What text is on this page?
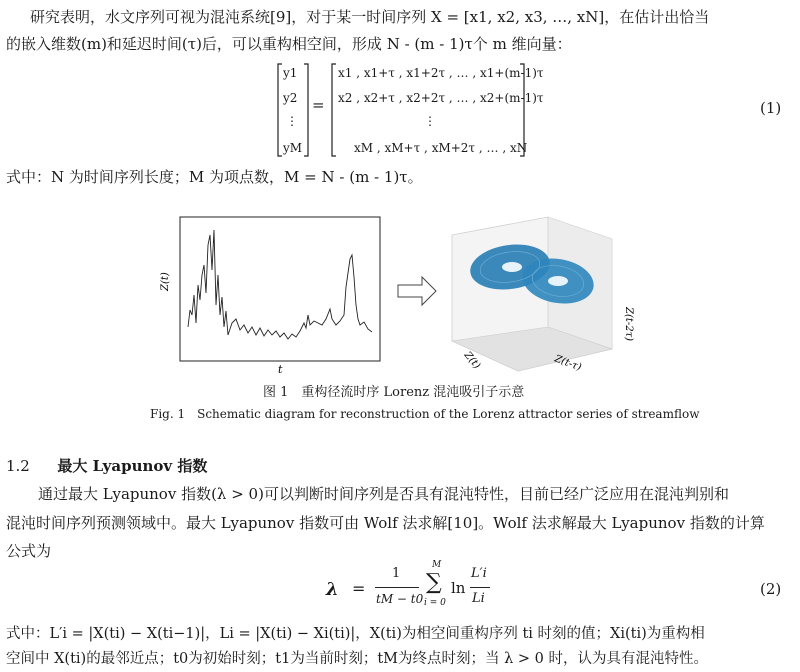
研究表明，水文序列可视为混沌系统[9]，对于某一时间序列 X = [x1, x2, x3, …, xN]，在估计出恰当
的嵌入维数(m)和延迟时间(τ)后，可以重构相空间，形成 N - (m - 1)τ个 m 维向量：
y1
y2
⋮
yM
=
x1 , x1+τ , x1+2τ , … , x1+(m-1)τ
x2 , x2+τ , x2+2τ , … , x2+(m-1)τ
⋮
xM , xM+τ , xM+2τ , … , xN
(1)
式中：N 为时间序列长度；M 为项点数，M = N - (m - 1)τ。
Z(t)
t
Z(t-2τ)
Z(t)	Z(t-τ)
图 1　重构径流时序 Lorenz 混沌吸引子示意
Fig. 1　Schematic diagram for reconstruction of the Lorenz attractor series of streamflow
1.2 最大 Lyapunov 指数
通过最大 Lyapunov 指数(λ > 0)可以判断时间序列是否具有混沌特性，目前已经广泛应用在混沌判别和
混沌时间序列预测领域中。最大 Lyapunov 指数可由 Wolf 法求解[10]。Wolf 法求解最大 Lyapunov 指数的计算
公式为
λ =
1
tM − t0
M
∑
i = 0
ln
L′i
Li
(2)
式中：L′i = |X(ti) − X(ti−1)|，Li = |X(ti) − Xi(ti)|，X(ti)为相空间重构序列 ti 时刻的值；Xi(ti)为重构相
空间中 X(ti)的最邻近点；t0为初始时刻；t1为当前时刻；tM为终点时刻；当 λ > 0 时，认为具有混沌特性。
